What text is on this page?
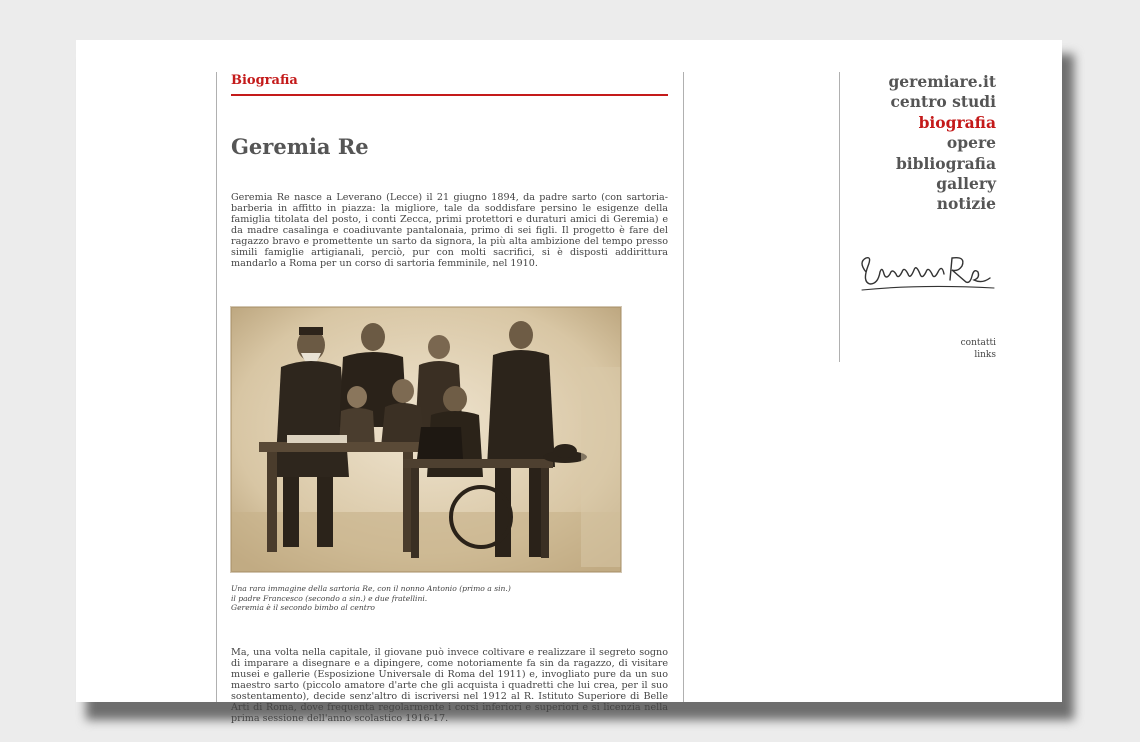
Biografia
Geremia Re

Geremia Re nasce a Leverano (Lecce) il 21 giugno 1894, da padre sarto (con sartoria-barberia in affitto in piazza: la migliore, tale da soddisfare persino le esigenze della famiglia titolata del posto, i conti Zecca, primi protettori e duraturi amici di Geremia) e da madre casalinga e coadiuvante pantalonaia, primo di sei figli. Il progetto è fare del ragazzo bravo e promettente un sarto da signora, la più alta ambizione del tempo presso simili famiglie artigianali, perciò, pur con molti sacrifici, si è disposti addirittura mandarlo a Roma per un corso di sartoria femminile, nel 1910.

Una rara immagine della sartoria Re, con il nonno Antonio (primo a sin.)
il padre Francesco (secondo a sin.) e due fratellini.
Geremia è il secondo bimbo al centro

Ma, una volta nella capitale, il giovane può invece coltivare e realizzare il segreto sogno di imparare a disegnare e a dipingere, come notoriamente fa sin da ragazzo, di visitare musei e gallerie (Esposizione Universale di Roma del 1911) e, invogliato pure da un suo maestro sarto (piccolo amatore d'arte che gli acquista i quadretti che lui crea, per il suo sostentamento), decide senz'altro di iscriversi nel 1912 al R. Istituto Superiore di Belle Arti di Roma, dove frequenta regolarmente i corsi inferiori e superiori e si licenzia nella prima sessione dell'anno scolastico 1916-17.

geremiare.it
centro studi
biografia
opere
bibliografia
gallery
notizie
contatti
links
